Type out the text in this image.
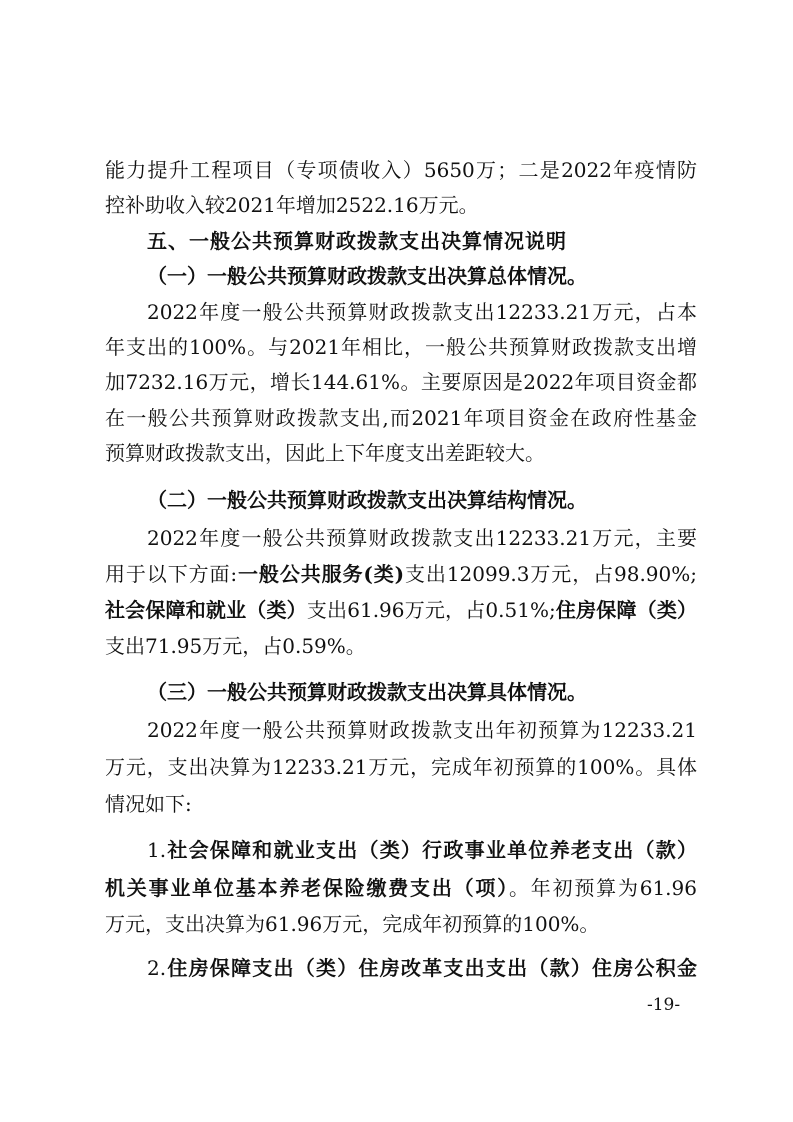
能力提升工程项目（专项债收入）5650万；二是2022年疫情防
控补助收入较2021年增加2522.16万元。
五、一般公共预算财政拨款支出决算情况说明
（一）一般公共预算财政拨款支出决算总体情况。
2022年度一般公共预算财政拨款支出12233.21万元，占本
年支出的100%。与2021年相比，一般公共预算财政拨款支出增
加7232.16万元，增长144.61%。主要原因是2022年项目资金都
在一般公共预算财政拨款支出,而2021年项目资金在政府性基金
预算财政拨款支出，因此上下年度支出差距较大。
（二）一般公共预算财政拨款支出决算结构情况。
2022年度一般公共预算财政拨款支出12233.21万元，主要
用于以下方面:一般公共服务(类)支出12099.3万元，占98.90%;
社会保障和就业（类）支出61.96万元，占0.51%;住房保障（类）
支出71.95万元，占0.59%。
（三）一般公共预算财政拨款支出决算具体情况。
2022年度一般公共预算财政拨款支出年初预算为12233.21
万元，支出决算为12233.21万元，完成年初预算的100%。具体
情况如下:
1.社会保障和就业支出（类）行政事业单位养老支出（款）
机关事业单位基本养老保险缴费支出（项）。年初预算为61.96
万元，支出决算为61.96万元，完成年初预算的100%。
2.住房保障支出（类）住房改革支出支出（款）住房公积金
-19-
